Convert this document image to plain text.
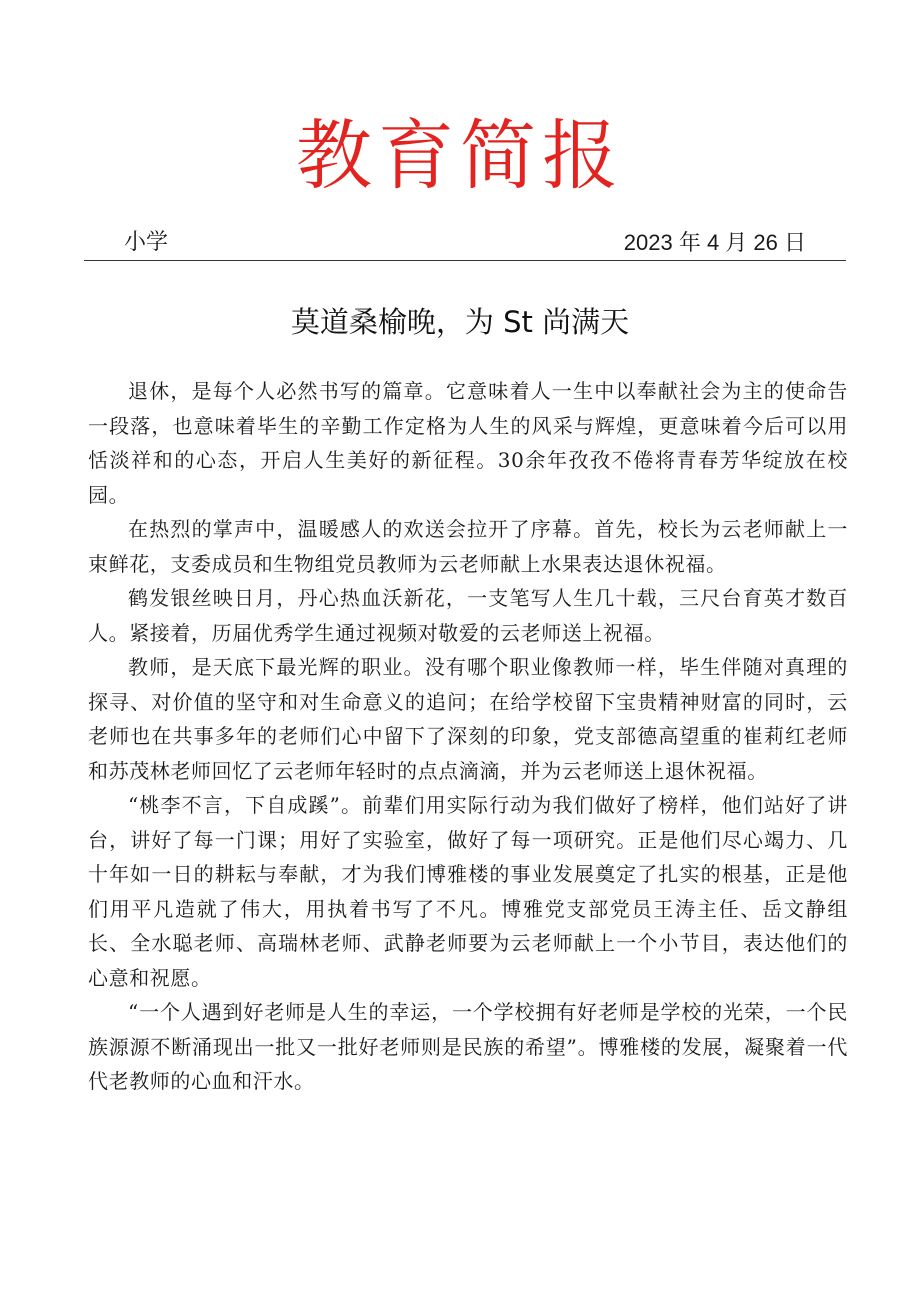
教育简报
小学	2023 年 4 月 26 日
莫道桑榆晚，为 St 尚满天

退休，是每个人必然书写的篇章。它意味着人一生中以奉献社会为主的使命告一段落，也意味着毕生的辛勤工作定格为人生的风采与辉煌，更意味着今后可以用恬淡祥和的心态，开启人生美好的新征程。30余年孜孜不倦将青春芳华绽放在校园。

在热烈的掌声中，温暖感人的欢送会拉开了序幕。首先，校长为云老师献上一束鲜花，支委成员和生物组党员教师为云老师献上水果表达退休祝福。

鹤发银丝映日月，丹心热血沃新花，一支笔写人生几十载，三尺台育英才数百人。紧接着，历届优秀学生通过视频对敬爱的云老师送上祝福。

教师，是天底下最光辉的职业。没有哪个职业像教师一样，毕生伴随对真理的探寻、对价值的坚守和对生命意义的追问；在给学校留下宝贵精神财富的同时，云老师也在共事多年的老师们心中留下了深刻的印象，党支部德高望重的崔莉红老师和苏茂林老师回忆了云老师年轻时的点点滴滴，并为云老师送上退休祝福。

“桃李不言，下自成蹊”。前辈们用实际行动为我们做好了榜样，他们站好了讲台，讲好了每一门课；用好了实验室，做好了每一项研究。正是他们尽心竭力、几十年如一日的耕耘与奉献，才为我们博雅楼的事业发展奠定了扎实的根基，正是他们用平凡造就了伟大，用执着书写了不凡。博雅党支部党员王涛主任、岳文静组长、全水聪老师、高瑞林老师、武静老师要为云老师献上一个小节目，表达他们的心意和祝愿。

“一个人遇到好老师是人生的幸运，一个学校拥有好老师是学校的光荣，一个民族源源不断涌现出一批又一批好老师则是民族的希望”。博雅楼的发展，凝聚着一代代老教师的心血和汗水。
